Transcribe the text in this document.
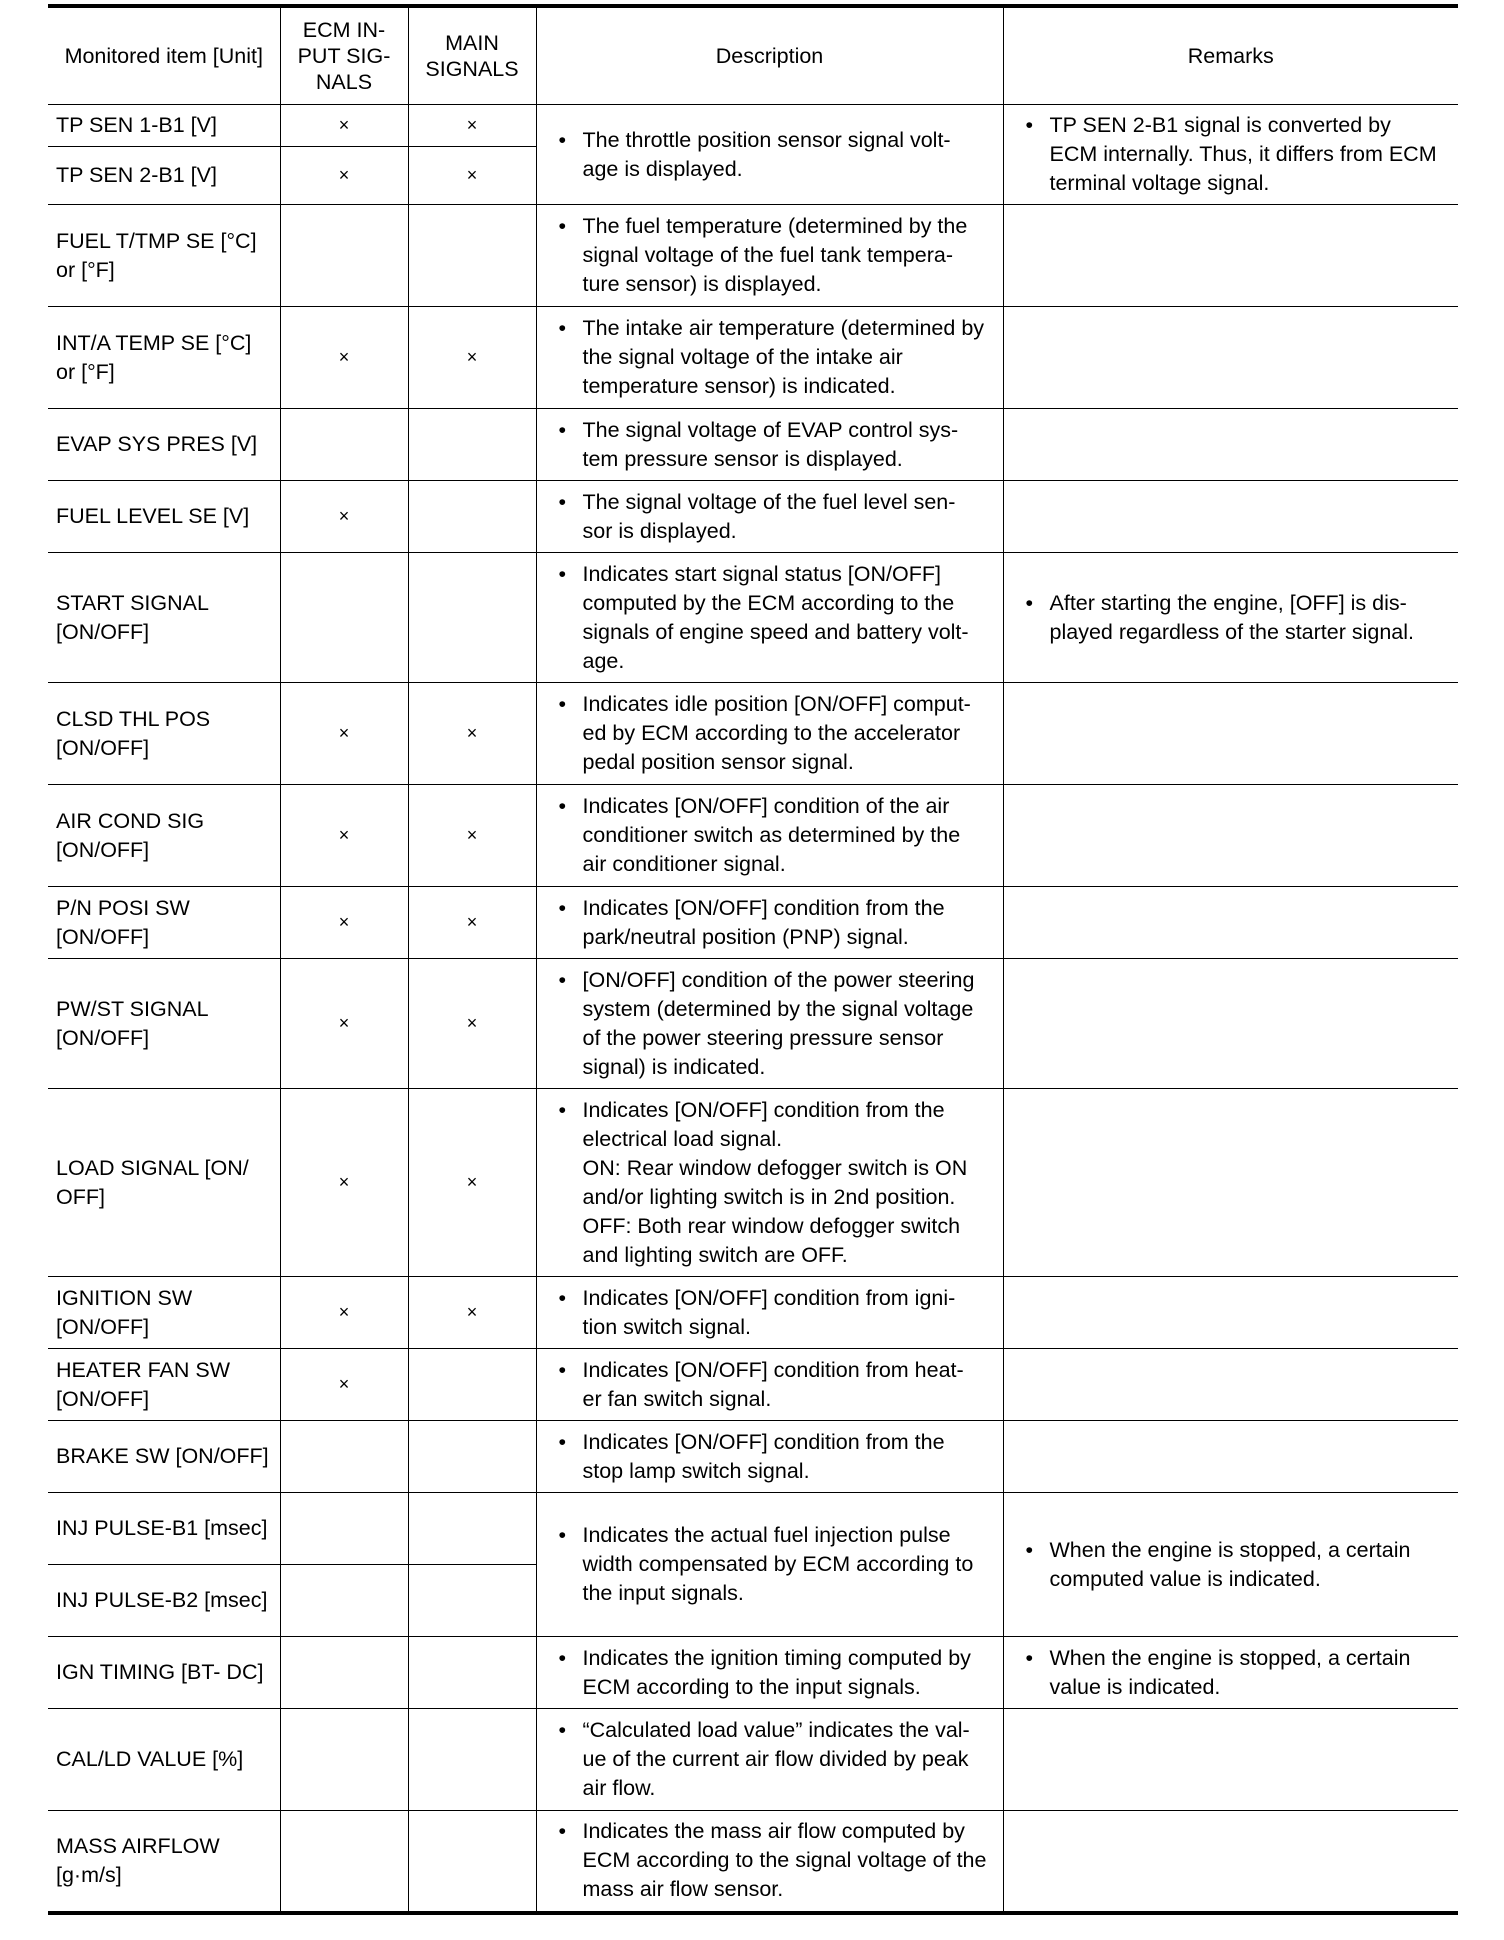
Monitored item [Unit]	ECM IN- PUT SIG- NALS	MAIN SIGNALS	Description	Remarks
TP SEN 1-B1 [V]	×	×	• The throttle position sensor signal volt- age is displayed.	• TP SEN 2-B1 signal is converted by ECM internally. Thus, it differs from ECM terminal voltage signal.

TP SEN 2-B1 [V]	×	×		
FUEL T/TMP SE [°C] or [°F]			• The fuel temperature (determined by the signal voltage of the fuel tank tempera- ture sensor) is displayed.

INT/A TEMP SE [°C] or [°F]	×	×	• The intake air temperature (determined by the signal voltage of the intake air temperature sensor) is indicated.

EVAP SYS PRES [V]			• The signal voltage of EVAP control sys- tem pressure sensor is displayed.

FUEL LEVEL SE [V]	×		• The signal voltage of the fuel level sen- sor is displayed.

START SIGNAL [ON/OFF]			• Indicates start signal status [ON/OFF] computed by the ECM according to the signals of engine speed and battery volt- age.	• After starting the engine, [OFF] is dis- played regardless of the starter signal.

CLSD THL POS [ON/OFF]	×	×	• Indicates idle position [ON/OFF] comput- ed by ECM according to the accelerator pedal position sensor signal.

AIR COND SIG [ON/OFF]	×	×	• Indicates [ON/OFF] condition of the air conditioner switch as determined by the air conditioner signal.

P/N POSI SW [ON/OFF]	×	×	• Indicates [ON/OFF] condition from the park/neutral position (PNP) signal.

PW/ST SIGNAL [ON/OFF]	×	×	• [ON/OFF] condition of the power steering system (determined by the signal voltage of the power steering pressure sensor signal) is indicated.

LOAD SIGNAL [ON/ OFF]	×	×	• Indicates [ON/OFF] condition from the electrical load signal.
ON: Rear window defogger switch is ON and/or lighting switch is in 2nd position.
OFF: Both rear window defogger switch and lighting switch are OFF.

IGNITION SW [ON/OFF]	×	×	• Indicates [ON/OFF] condition from igni- tion switch signal.

HEATER FAN SW [ON/OFF]	×		• Indicates [ON/OFF] condition from heat- er fan switch signal.

BRAKE SW [ON/OFF]			• Indicates [ON/OFF] condition from the stop lamp switch signal.

INJ PULSE-B1 [msec]			• Indicates the actual fuel injection pulse width compensated by ECM according to the input signals.	• When the engine is stopped, a certain computed value is indicated.

INJ PULSE-B2 [msec]				
IGN TIMING [BT- DC]			• Indicates the ignition timing computed by ECM according to the input signals.	• When the engine is stopped, a certain value is indicated.

CAL/LD VALUE [%]			• “Calculated load value” indicates the val- ue of the current air flow divided by peak air flow.

MASS AIRFLOW [g·m/s]			• Indicates the mass air flow computed by ECM according to the signal voltage of the mass air flow sensor.
